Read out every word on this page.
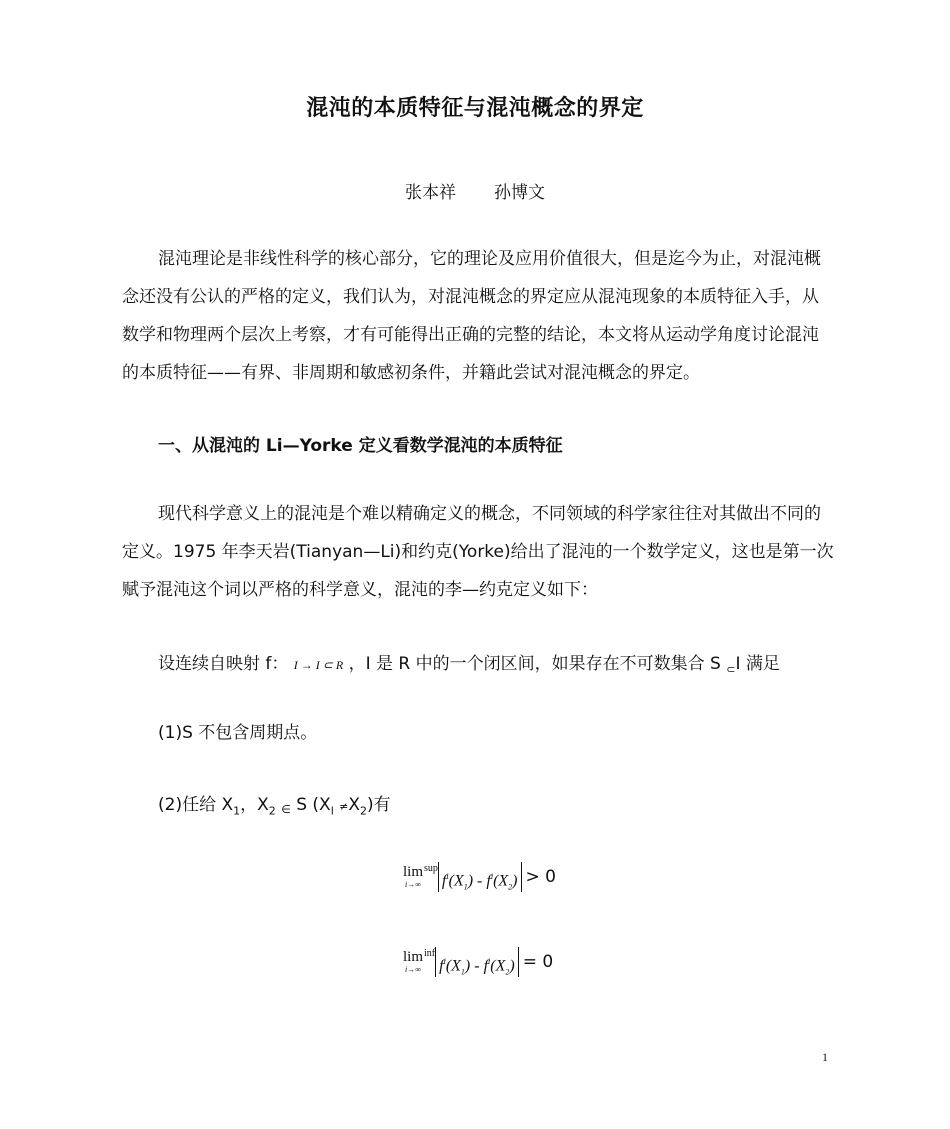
混沌的本质特征与混沌概念的界定
张本祥 孙博文
混沌理论是非线性科学的核心部分，它的理论及应用价值很大，但是迄今为止，对混沌概念还没有公认的严格的定义，我们认为，对混沌概念的界定应从混沌现象的本质特征入手，从数学和物理两个层次上考察，才有可能得出正确的完整的结论，本文将从运动学角度讨论混沌的本质特征——有界、非周期和敏感初条件，并籍此尝试对混沌概念的界定。
一、从混沌的 Li—Yorke 定义看数学混沌的本质特征
现代科学意义上的混沌是个难以精确定义的概念，不同领域的科学家往往对其做出不同的定义。1975 年李天岩(Tianyan—Li)和约克(Yorke)给出了混沌的一个数学定义，这也是第一次赋予混沌这个词以严格的科学意义，混沌的李—约克定义如下：
设连续自映射 f： I → I ⊂ R ，I 是 R 中的一个闭区间，如果存在不可数集合 S $_\subset$I 满足
(1)S 不包含周期点。
(2)任给 $X_1$，$X_2$ ∈ S $(X_l \ne X_2)$有
lim
i→∞
$^{sup}f^i(X_1) - f^i(X_2) > 0$
lim
i→∞
$^{inf}f^i(X_1) - f^i(X_2) = 0$
1
